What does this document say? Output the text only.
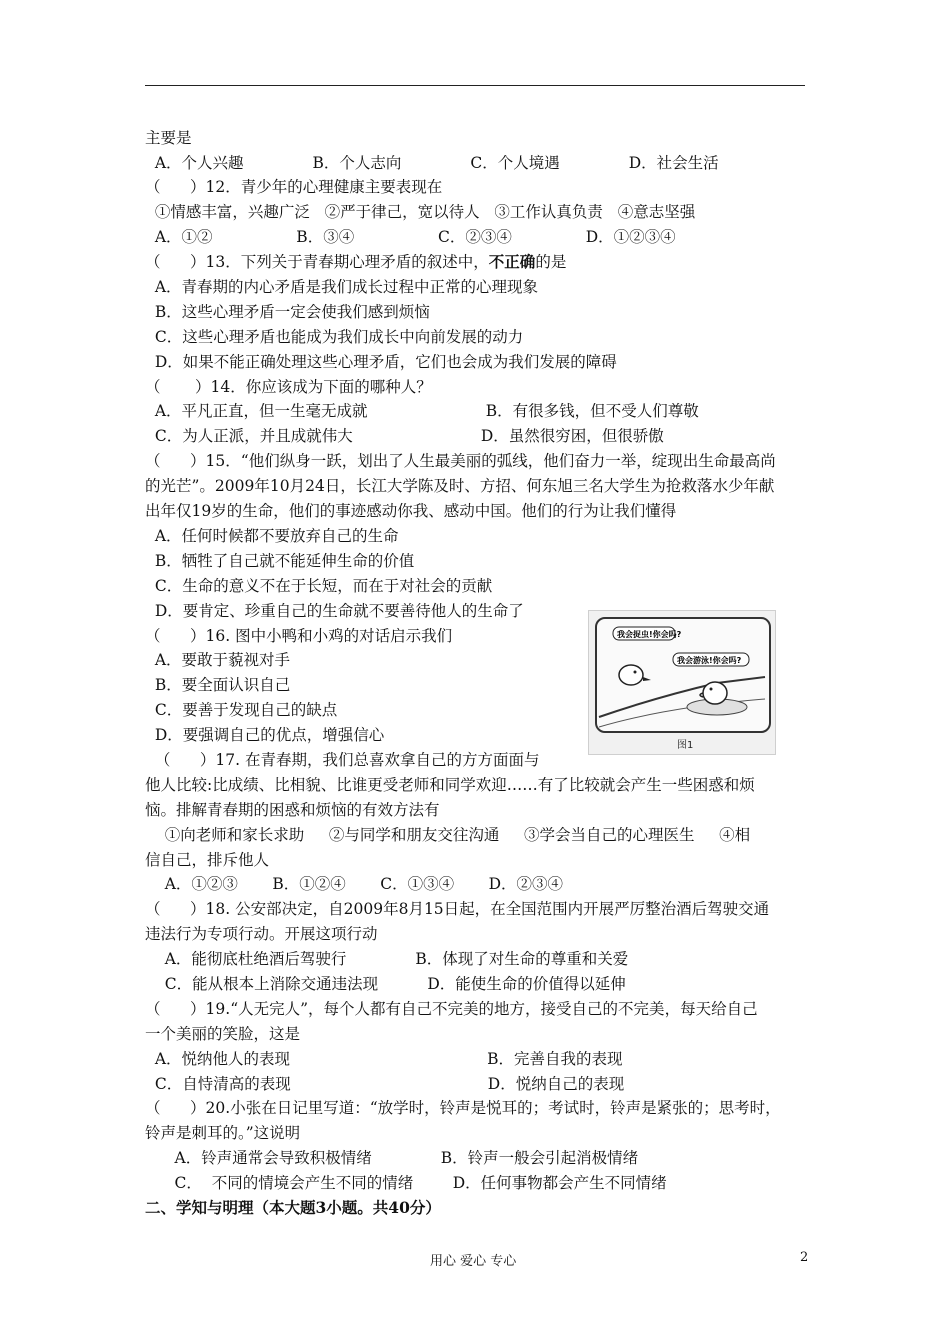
主要是
A．个人兴趣              B．个人志向              C．个人境遇              D．社会生活
（      ）12．青少年的心理健康主要表现在
①情感丰富，兴趣广泛   ②严于律己，宽以待人   ③工作认真负责   ④意志坚强
A．①②                 B．③④                 C．②③④               D．①②③④
（      ）13．下列关于青春期心理矛盾的叙述中，不正确的是
A．青春期的内心矛盾是我们成长过程中正常的心理现象
B．这些心理矛盾一定会使我们感到烦恼
C．这些心理矛盾也能成为我们成长中向前发展的动力
D．如果不能正确处理这些心理矛盾，它们也会成为我们发展的障碍
（       ）14．你应该成为下面的哪种人？
A．平凡正直，但一生毫无成就                        B．有很多钱，但不受人们尊敬
C．为人正派，并且成就伟大                          D．虽然很穷困，但很骄傲
（      ）15．“他们纵身一跃，划出了人生最美丽的弧线，他们奋力一举，绽现出生命最高尚
的光芒”。2009年10月24日，长江大学陈及时、方招、何东旭三名大学生为抢救落水少年献
出年仅19岁的生命，他们的事迹感动你我、感动中国。他们的行为让我们懂得
A．任何时候都不要放弃自己的生命
B．牺牲了自己就不能延伸生命的价值
C．生命的意义不在于长短，而在于对社会的贡献
D．要肯定、珍重自己的生命就不要善待他人的生命了
（      ）16. 图中小鸭和小鸡的对话启示我们
A．要敢于藐视对手
B．要全面认识自己
C．要善于发现自己的缺点
D．要强调自己的优点，增强信心
（      ）17. 在青春期，我们总喜欢拿自己的方方面面与
他人比较:比成绩、比相貌、比谁更受老师和同学欢迎……有了比较就会产生一些困惑和烦
恼。排解青春期的困惑和烦恼的有效方法有
①向老师和家长求助     ②与同学和朋友交往沟通     ③学会当自己的心理医生     ④相
信自己，排斥他人
A．①②③       B．①②④       C．①③④       D．②③④
（      ）18. 公安部决定，自2009年8月15日起，在全国范围内开展严厉整治酒后驾驶交通
违法行为专项行动。开展这项行动
A．能彻底杜绝酒后驾驶行              B．体现了对生命的尊重和关爱
C．能从根本上消除交通违法现          D．能使生命的价值得以延伸
（      ）19.“人无完人”，每个人都有自己不完美的地方，接受自己的不完美，每天给自己
一个美丽的笑脸，这是
A．悦纳他人的表现                                        B．完善自我的表现
C．自恃清高的表现                                        D．悦纳自己的表现
（      ）20.小张在日记里写道：“放学时，铃声是悦耳的；考试时，铃声是紧张的；思考时，
铃声是刺耳的。”这说明
A．铃声通常会导致积极情绪              B．铃声一般会引起消极情绪
C．  不同的情境会产生不同的情绪        D．任何事物都会产生不同情绪
二、学知与明理（本大题3小题。共40分）
我会捉虫!你会吗?
我会游泳!你会吗?
图1
用心 爱心 专心	2
